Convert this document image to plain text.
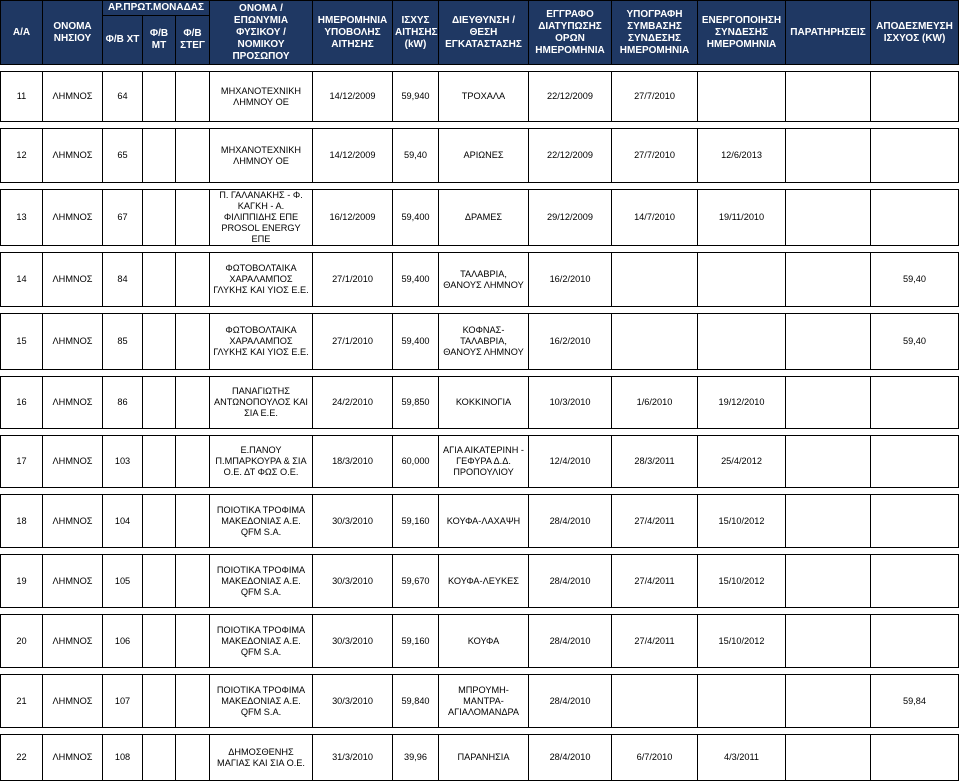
Α/Α	ΟΝΟΜΑ ΝΗΣΙΟΥ	ΑΡ.ΠΡΩΤ.ΜΟΝΑΔΑΣ			ΟΝΟΜΑ / ΕΠΩΝΥΜΙΑ ΦΥΣΙΚΟΥ / ΝΟΜΙΚΟΥ ΠΡΟΣΩΠΟΥ	ΗΜΕΡΟΜΗΝΙΑ ΥΠΟΒΟΛΗΣ ΑΙΤΗΣΗΣ	ΙΣΧΥΣ ΑΙΤΗΣΗΣ (kW)	ΔΙΕΥΘΥΝΣΗ / ΘΕΣΗ ΕΓΚΑΤΑΣΤΑΣΗΣ	ΕΓΓΡΑΦΟ ΔΙΑΤΥΠΩΣΗΣ ΟΡΩΝ ΗΜΕΡΟΜΗΝΙΑ	ΥΠΟΓΡΑΦΗ ΣΥΜΒΑΣΗΣ ΣΥΝΔΕΣΗΣ ΗΜΕΡΟΜΗΝΙΑ	ΕΝΕΡΓΟΠΟΙΗΣΗ ΣΥΝΔΕΣΗΣ ΗΜΕΡΟΜΗΝΙΑ	ΠΑΡΑΤΗΡΗΣΕΙΣ	ΑΠΟΔΕΣΜΕΥΣΗ ΙΣΧΥΟΣ (KW)
		Φ/Β ΧΤ	Φ/Β ΜΤ	Φ/Β ΣΤΕΓ									

11	ΛΗΜΝΟΣ	64			ΜΗΧΑΝΟΤΕΧΝΙΚΗ ΛΗΜΝΟΥ ΟΕ	14/12/2009	59,940	ΤΡΟΧΑΛΑ	22/12/2009	27/7/2010			

12	ΛΗΜΝΟΣ	65			ΜΗΧΑΝΟΤΕΧΝΙΚΗ ΛΗΜΝΟΥ ΟΕ	14/12/2009	59,40	ΑΡΙΩΝΕΣ	22/12/2009	27/7/2010	12/6/2013		

13	ΛΗΜΝΟΣ	67			Π. ΓΑΛΑΝΑΚΗΣ - Φ. ΚΑΓΚΗ - Α. ΦΙΛΙΠΠΙΔΗΣ ΕΠΕ PROSOL ENERGY ΕΠΕ	16/12/2009	59,400	ΔΡΑΜΕΣ	29/12/2009	14/7/2010	19/11/2010		

14	ΛΗΜΝΟΣ	84			ΦΩΤΟΒΟΛΤΑΙΚΑ ΧΑΡΑΛΑΜΠΟΣ ΓΛΥΚΗΣ ΚΑΙ ΥΙΟΣ Ε.Ε.	27/1/2010	59,400	ΤΑΛΑΒΡΙΑ, ΘΑΝΟΥΣ ΛΗΜΝΟΥ	16/2/2010				59,40

15	ΛΗΜΝΟΣ	85			ΦΩΤΟΒΟΛΤΑΙΚΑ ΧΑΡΑΛΑΜΠΟΣ ΓΛΥΚΗΣ ΚΑΙ ΥΙΟΣ Ε.Ε.	27/1/2010	59,400	ΚΟΦΝΑΣ-ΤΑΛΑΒΡΙΑ, ΘΑΝΟΥΣ ΛΗΜΝΟΥ	16/2/2010				59,40

16	ΛΗΜΝΟΣ	86			ΠΑΝΑΓΙΩΤΗΣ ΑΝΤΩΝΟΠΟΥΛΟΣ ΚΑΙ ΣΙΑ Ε.Ε.	24/2/2010	59,850	ΚΟΚΚΙΝΟΓΙΑ	10/3/2010	1/6/2010	19/12/2010		

17	ΛΗΜΝΟΣ	103			Ε.ΠΑΝΟΥ Π.ΜΠΑΡΚΟΥΡΑ & ΣΙΑ Ο.Ε. ΔΤ ΦΩΣ Ο.Ε.	18/3/2010	60,000	ΑΓΙΑ ΑΙΚΑΤΕΡΙΝΗ - ΓΕΦΥΡΑ Δ.Δ. ΠΡΟΠΟΥΛΙΟΥ	12/4/2010	28/3/2011	25/4/2012		

18	ΛΗΜΝΟΣ	104			ΠΟΙΟΤΙΚΑ ΤΡΟΦΙΜΑ ΜΑΚΕΔΟΝΙΑΣ Α.Ε. QFM S.A.	30/3/2010	59,160	ΚΟΥΦΑ-ΛΑΧΑΨΗ	28/4/2010	27/4/2011	15/10/2012		

19	ΛΗΜΝΟΣ	105			ΠΟΙΟΤΙΚΑ ΤΡΟΦΙΜΑ ΜΑΚΕΔΟΝΙΑΣ Α.Ε. QFM S.A.	30/3/2010	59,670	ΚΟΥΦΑ-ΛΕΥΚΕΣ	28/4/2010	27/4/2011	15/10/2012		

20	ΛΗΜΝΟΣ	106			ΠΟΙΟΤΙΚΑ ΤΡΟΦΙΜΑ ΜΑΚΕΔΟΝΙΑΣ Α.Ε. QFM S.A.	30/3/2010	59,160	ΚΟΥΦΑ	28/4/2010	27/4/2011	15/10/2012		

21	ΛΗΜΝΟΣ	107			ΠΟΙΟΤΙΚΑ ΤΡΟΦΙΜΑ ΜΑΚΕΔΟΝΙΑΣ Α.Ε. QFM S.A.	30/3/2010	59,840	ΜΠΡΟΥΜΗ-ΜΑΝΤΡΑ-ΑΓΙΑΛΟΜΑΝΔΡΑ	28/4/2010				59,84

22	ΛΗΜΝΟΣ	108			ΔΗΜΟΣΘΕΝΗΣ ΜΑΓΙΑΣ ΚΑΙ ΣΙΑ Ο.Ε.	31/3/2010	39,96	ΠΑΡΑΝΗΣΙΑ	28/4/2010	6/7/2010	4/3/2011		
